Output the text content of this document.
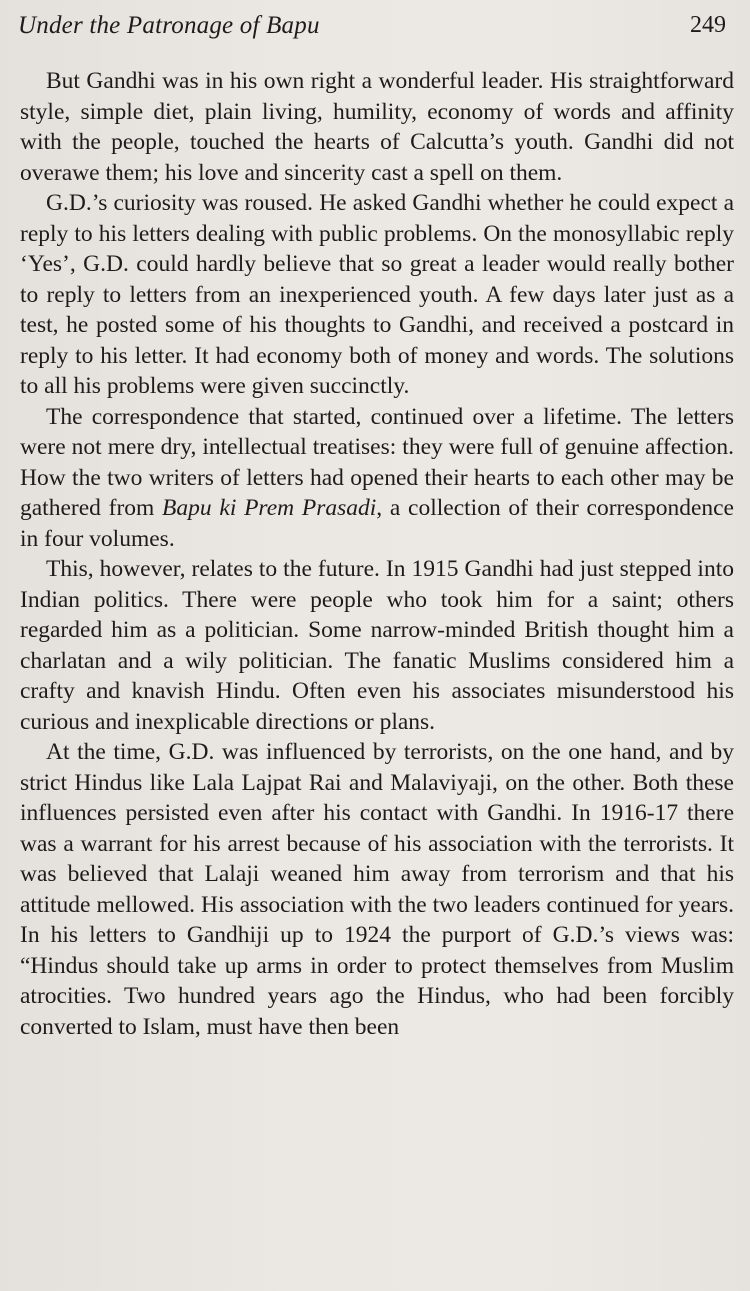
Under the Patronage of Bapu	249

But Gandhi was in his own right a wonderful leader. His straightforward style, simple diet, plain living, humility, economy of words and affinity with the people, touched the hearts of Calcutta’s youth. Gandhi did not overawe them; his love and sincerity cast a spell on them.

G.D.’s curiosity was roused. He asked Gandhi whether he could expect a reply to his letters dealing with public problems. On the monosyllabic reply ‘Yes’, G.D. could hardly believe that so great a leader would really bother to reply to letters from an inexperienced youth. A few days later just as a test, he posted some of his thoughts to Gandhi, and received a postcard in reply to his letter. It had economy both of money and words. The solutions to all his problems were given succinctly.

The correspondence that started, continued over a lifetime. The letters were not mere dry, intellectual treatises: they were full of genuine affection. How the two writers of letters had opened their hearts to each other may be gathered from Bapu ki Prem Prasadi, a collection of their correspondence in four volumes.

This, however, relates to the future. In 1915 Gandhi had just stepped into Indian politics. There were people who took him for a saint; others regarded him as a politician. Some narrow-minded British thought him a charlatan and a wily politician. The fanatic Muslims considered him a crafty and knavish Hindu. Often even his associates misunderstood his curious and inexplicable directions or plans.

At the time, G.D. was influenced by terrorists, on the one hand, and by strict Hindus like Lala Lajpat Rai and Malaviyaji, on the other. Both these influences persisted even after his contact with Gandhi. In 1916-17 there was a warrant for his arrest because of his association with the terrorists. It was believed that Lalaji weaned him away from terrorism and that his attitude mellowed. His association with the two leaders continued for years. In his letters to Gandhiji up to 1924 the purport of G.D.’s views was: “Hindus should take up arms in order to protect themselves from Muslim atrocities. Two hundred years ago the Hindus, who had been forcibly converted to Islam, must have then been
